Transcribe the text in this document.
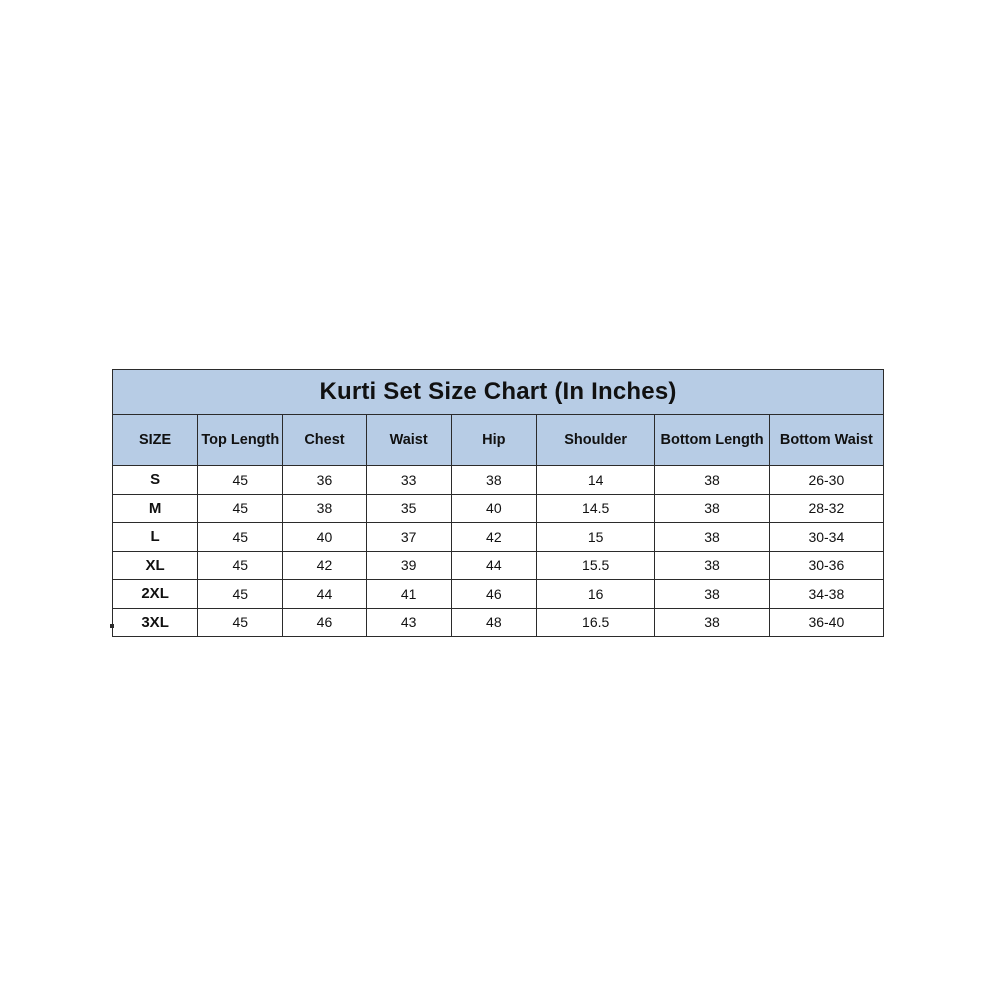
Kurti Set Size Chart (In Inches)							
SIZE	Top Length	Chest	Waist	Hip	Shoulder	Bottom Length	Bottom Waist
S	45	36	33	38	14	38	26-30
M	45	38	35	40	14.5	38	28-32
L	45	40	37	42	15	38	30-34
XL	45	42	39	44	15.5	38	30-36
2XL	45	44	41	46	16	38	34-38
3XL	45	46	43	48	16.5	38	36-40
